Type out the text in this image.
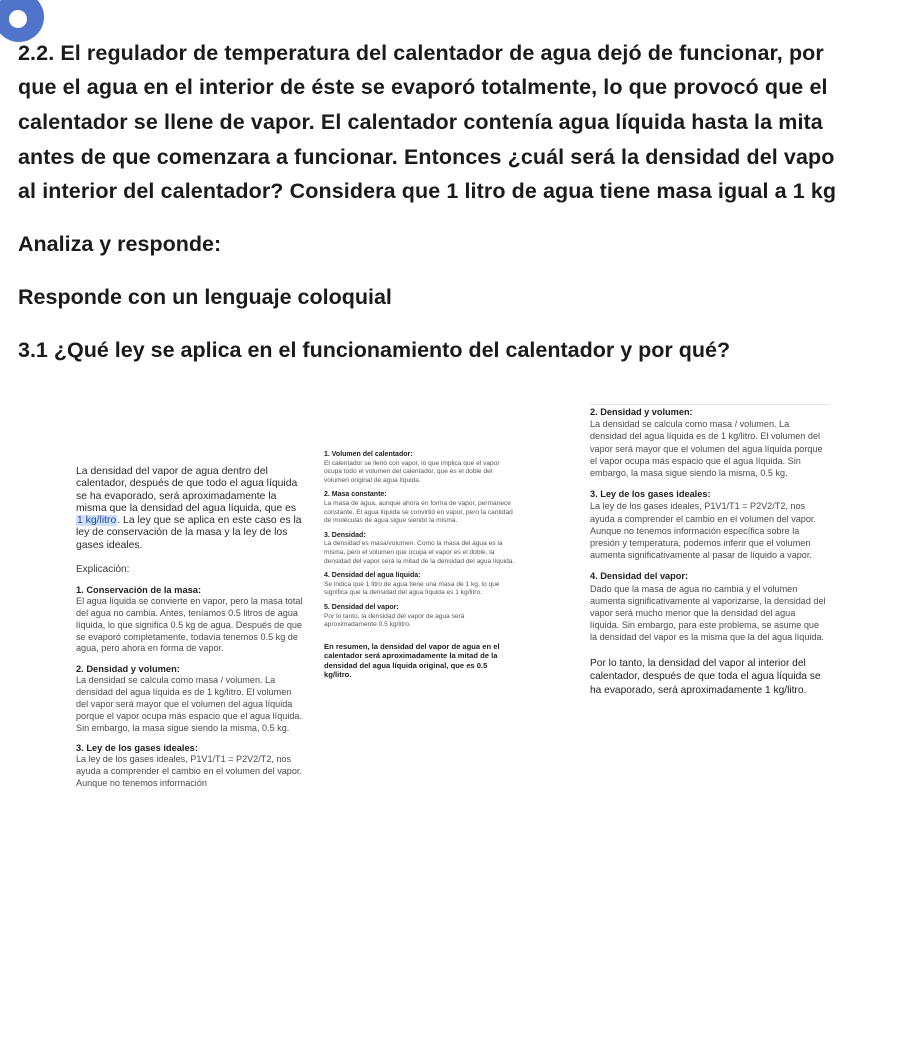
2.2. El regulador de temperatura del calentador de agua dejó de funcionar, por
que el agua en el interior de éste se evaporó totalmente, lo que provocó que el
calentador se llene de vapor. El calentador contenía agua líquida hasta la mita
antes de que comenzara a funcionar. Entonces ¿cuál será la densidad del vapo
al interior del calentador? Considera que 1 litro de agua tiene masa igual a 1 kg
Analiza y responde:
Responde con un lenguaje coloquial
3.1 ¿Qué ley se aplica en el funcionamiento del calentador y por qué?

La densidad del vapor de agua dentro del calentador, después de que todo el agua líquida se ha evaporado, será aproximadamente la misma que la densidad del agua líquida, que es 1 kg/litro. La ley que se aplica en este caso es la ley de conservación de la masa y la ley de los gases ideales.

Explicación:

1. Conservación de la masa:

El agua líquida se convierte en vapor, pero la masa total del agua no cambia. Antes, teníamos 0.5 litros de agua líquida, lo que significa 0.5 kg de agua. Después de que se evaporó completamente, todavía tenemos 0.5 kg de agua, pero ahora en forma de vapor.

2. Densidad y volumen:

La densidad se calcula como masa / volumen. La densidad del agua líquida es de 1 kg/litro. El volumen del vapor será mayor que el volumen del agua líquida porque el vapor ocupa más espacio que el agua líquida. Sin embargo, la masa sigue siendo la misma, 0.5 kg.

3. Ley de los gases ideales:

La ley de los gases ideales, P1V1/T1 = P2V2/T2, nos ayuda a comprender el cambio en el volumen del vapor. Aunque no tenemos información

1. Volumen del calentador:

El calentador se llenó con vapor, lo que implica que el vapor ocupa todo el volumen del calentador, que es el doble del volumen original de agua líquida.

2. Masa constante:

La masa de agua, aunque ahora en forma de vapor, permanece constante. El agua líquida se convirtió en vapor, pero la cantidad de moléculas de agua sigue siendo la misma.

3. Densidad:

La densidad es masa/volumen. Como la masa del agua es la misma, pero el volumen que ocupa el vapor es el doble, la densidad del vapor será la mitad de la densidad del agua líquida.

4. Densidad del agua líquida:

Se indica que 1 litro de agua tiene una masa de 1 kg, lo que significa que la densidad del agua líquida es 1 kg/litro.

5. Densidad del vapor:

Por lo tanto, la densidad del vapor de agua será aproximadamente 0.5 kg/litro.

En resumen, la densidad del vapor de agua en el calentador será aproximadamente la mitad de la densidad del agua líquida original, que es 0.5 kg/litro.

2. Densidad y volumen:

La densidad se calcula como masa / volumen. La densidad del agua líquida es de 1 kg/litro. El volumen del vapor será mayor que el volumen del agua líquida porque el vapor ocupa más espacio que el agua líquida. Sin embargo, la masa sigue siendo la misma, 0.5 kg.

3. Ley de los gases ideales:

La ley de los gases ideales, P1V1/T1 = P2V2/T2, nos ayuda a comprender el cambio en el volumen del vapor. Aunque no tenemos información específica sobre la presión y temperatura, podemos inferir que el volumen aumenta significativamente al pasar de líquido a vapor.

4. Densidad del vapor:

Dado que la masa de agua no cambia y el volumen aumenta significativamente al vaporizarse, la densidad del vapor será mucho menor que la densidad del agua líquida. Sin embargo, para este problema, se asume que la densidad del vapor es la misma que la del agua líquida.

Por lo tanto, la densidad del vapor al interior del calentador, después de que toda el agua líquida se ha evaporado, será aproximadamente 1 kg/litro.
